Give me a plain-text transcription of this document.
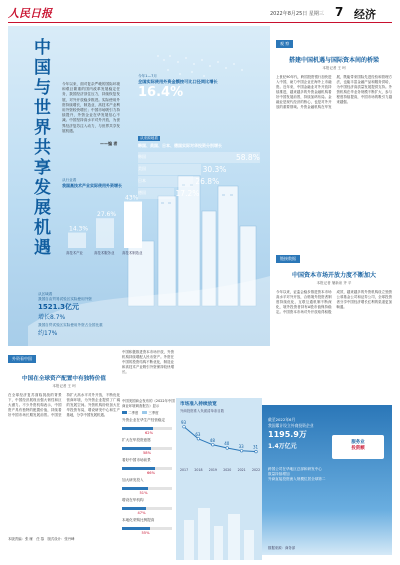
人民日报	2022年8月25日 星期三 7 经济
中国与世界共享发展机遇
今年以来，面对复杂严峻的国际环境和艰巨繁重的国内改革发展稳定任务，我国经济顶住压力，持续恢复发展，对外开放稳步推进。实际使用外资持续增长，制造业、高技术产业利用外资较快增长；中国市场吸引力持续提升，外资企业在华发展信心不减。中国坚持高水平对外开放，为世界经济复苏注入动力，与世界共享发展机遇。
——编 者
今年1—7月
全国实际使用外资金额按可比口径同比增长
16.4%
从来源地看
韩国、美国、日本、德国实际对华投资分别增长
韩国	58.8%
美国	30.3%
日本	26.8%
德国	17.2%
从行业看
我国高技术产业实际使用外资增长
14.3%
高技术产业
27.6%
高技术服务业
43%
高技术制造业
从区域看
我国自由贸易试验区实际使用外资
1521.3亿元
增长8.7%
我国自贸试验区实际使用外资占全国比重
约17%
观 察
搭建中国机遇与国际资本间的桥梁
本报记者 王 珂
上世纪90年代，跨国投资银行加快进入中国，助力中国企业在海外上市融资。近年来，中国金融业对外开放持续推进，越来越多的外资金融机构看好中国发展前景，持续加码布局。金融业是现代经济的核心，也是对外开放的重要领域。外资金融机构在华发展，既能带来国际先进经验和管理方法，也能丰富金融产品和服务供给，为中国经济高质量发展提供支持。外资机构在华业务规模不断扩大，参与程度持续提高，中国市场的吸引力越来越强。
链接数据
中国资本市场开放力度不断加大
本报记者 屠新泉 齐 平
今年以来，证监会稳步推进资本市场高水平对外开放，合格境外投资者制度持续优化，互联互通机制不断深化，境外投资者持有A股市值保持稳定。中国资本市场对外开放取得积极成效，越来越多的外资机构设立独资公募基金公司和证券公司，全球投资者分享中国经济增长红利的渠道更加畅通。
外资看中国
中国在全球资产配置中有独特价值
本报记者 王 珂
在全球经济复苏面临挑战的背景下，中国经济展现出强大韧性和巨大潜力。不少外资机构表示，中国资产具有独特的配置价值，持续看好中国市场长期发展前景。中国坚持扩大高水平对外开放，不断优化营商环境，为外资企业提供了广阔的发展空间。外资机构纷纷加大在华投资布局，增设研发中心和生产基地，分享中国发展机遇。
本版责编：张 雁　任 慕　版式设计：张丹峰
中国积极推进资本市场开放，外资机构持续增配人民币资产。外资在中国的投资结构不断优化，制造业和高技术产业吸引外资保持较快增长。
中国美国商会发布的《2022年中国商业环境调查报告》显示
二季度	三季度
外资企业在华生产经营稳定
62%
扩大在华投资意愿
58%
看好中国市场前景
66%
加大研发投入
51%
增设在华机构
47%
本地化采购比例提高
55%
市场准入持续放宽
外商投资准入负面清单条目数
93
2017
63
2018
48
2019
40
2020
33
2021
31
2022
截至2022年6月
我国累计设立外商投资企业
1195.9万
1.4万亿元
服务业
投资额
跨国公司在华地区总部和研发中心
数量持续增加
外商直接投资流入规模位居全球第二
数据来源：商务部
